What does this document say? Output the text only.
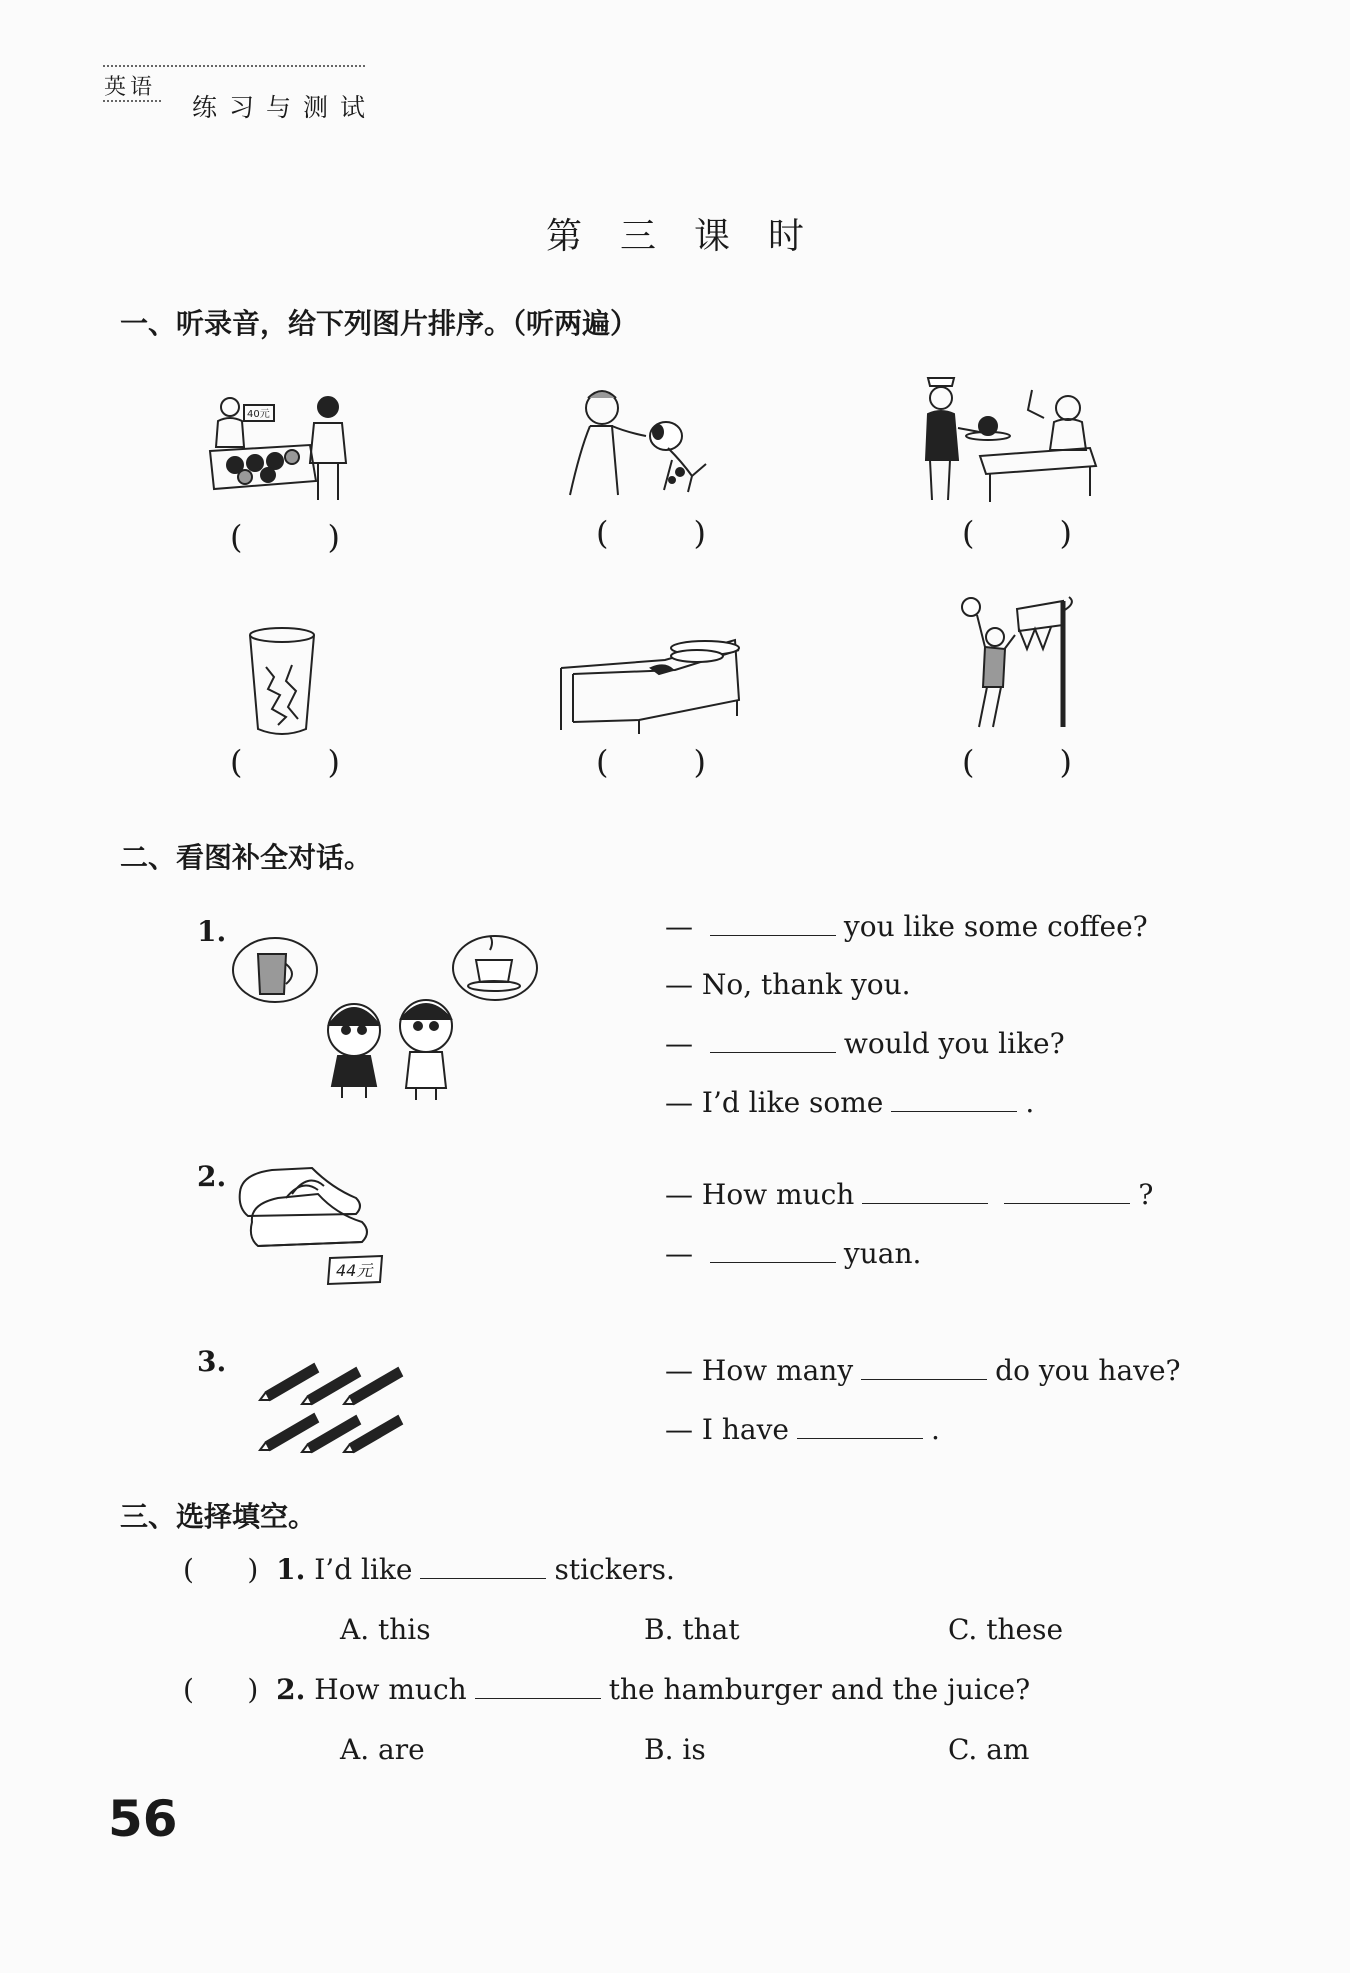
英语
练习与测试
第三课时
一、听录音，给下列图片排序。（听两遍）
40元
(	)	(	)	(	)
(	)	(	)	(	)
二、看图补全对话。
1.	—	you like some coffee?
— No, thank you.
—	would you like?
— I’d like some	.
2.
44元
— How much	?
—	yuan.
3.	— How many	do you have?
— I have	.
三、选择填空。
( ) 1. I’d like	stickers.
A. this	B. that	C. these
( ) 2. How much	the hamburger and the juice?
A. are	B. is	C. am
56
